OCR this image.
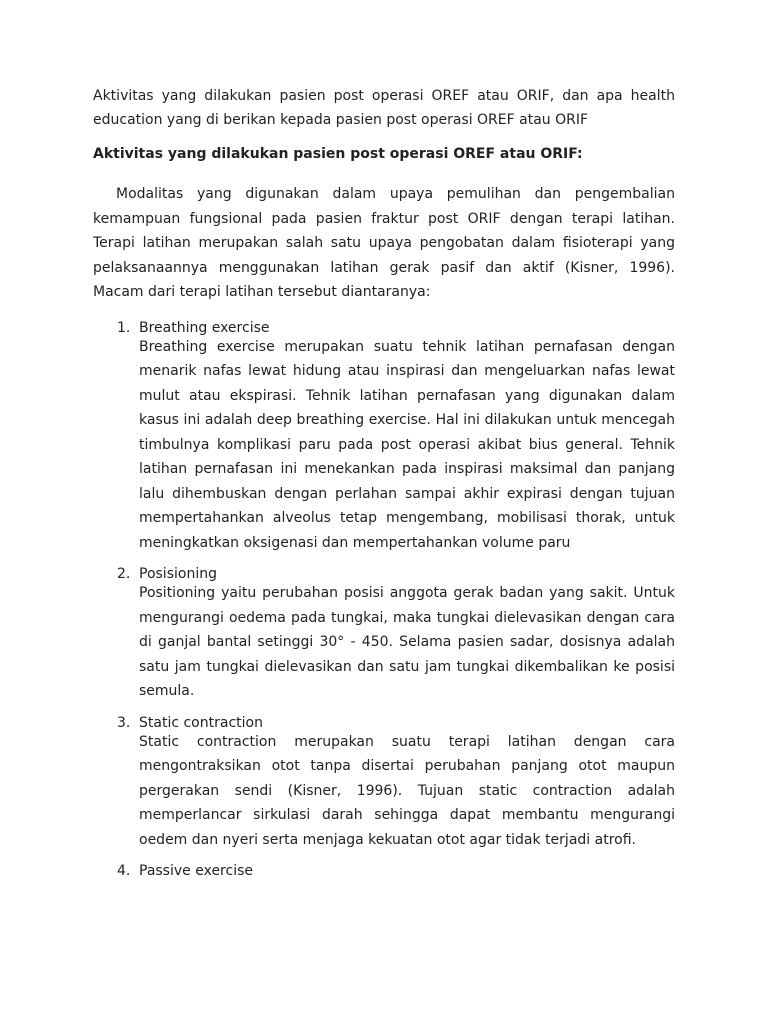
Aktivitas yang dilakukan pasien post operasi OREF atau ORIF, dan apa health education yang di berikan kepada pasien post operasi OREF atau ORIF

Aktivitas yang dilakukan pasien post operasi OREF atau ORIF:

Modalitas yang digunakan dalam upaya pemulihan dan pengembalian kemampuan fungsional pada pasien fraktur post ORIF dengan terapi latihan. Terapi latihan merupakan salah satu upaya pengobatan dalam fisioterapi yang pelaksanaannya menggunakan latihan gerak pasif dan aktif (Kisner, 1996). Macam dari terapi latihan tersebut diantaranya:

1. Breathing exercise

Breathing exercise merupakan suatu tehnik latihan pernafasan dengan menarik nafas lewat hidung atau inspirasi dan mengeluarkan nafas lewat mulut atau ekspirasi. Tehnik latihan pernafasan yang digunakan dalam kasus ini adalah deep breathing exercise. Hal ini dilakukan untuk mencegah timbulnya komplikasi paru pada post operasi akibat bius general. Tehnik latihan pernafasan ini menekankan pada inspirasi maksimal dan panjang lalu dihembuskan dengan perlahan sampai akhir expirasi dengan tujuan mempertahankan alveolus tetap mengembang, mobilisasi thorak, untuk meningkatkan oksigenasi dan mempertahankan volume paru

2. Posisioning

Positioning yaitu perubahan posisi anggota gerak badan yang sakit. Untuk mengurangi oedema pada tungkai, maka tungkai dielevasikan dengan cara di ganjal bantal setinggi 30° - 450. Selama pasien sadar, dosisnya adalah satu jam tungkai dielevasikan dan satu jam tungkai dikembalikan ke posisi semula.

3. Static contraction

Static contraction merupakan suatu terapi latihan dengan cara mengontraksikan otot tanpa disertai perubahan panjang otot maupun pergerakan sendi (Kisner, 1996). Tujuan static contraction adalah memperlancar sirkulasi darah sehingga dapat membantu mengurangi oedem dan nyeri serta menjaga kekuatan otot agar tidak terjadi atrofi.

4. Passive exercise
